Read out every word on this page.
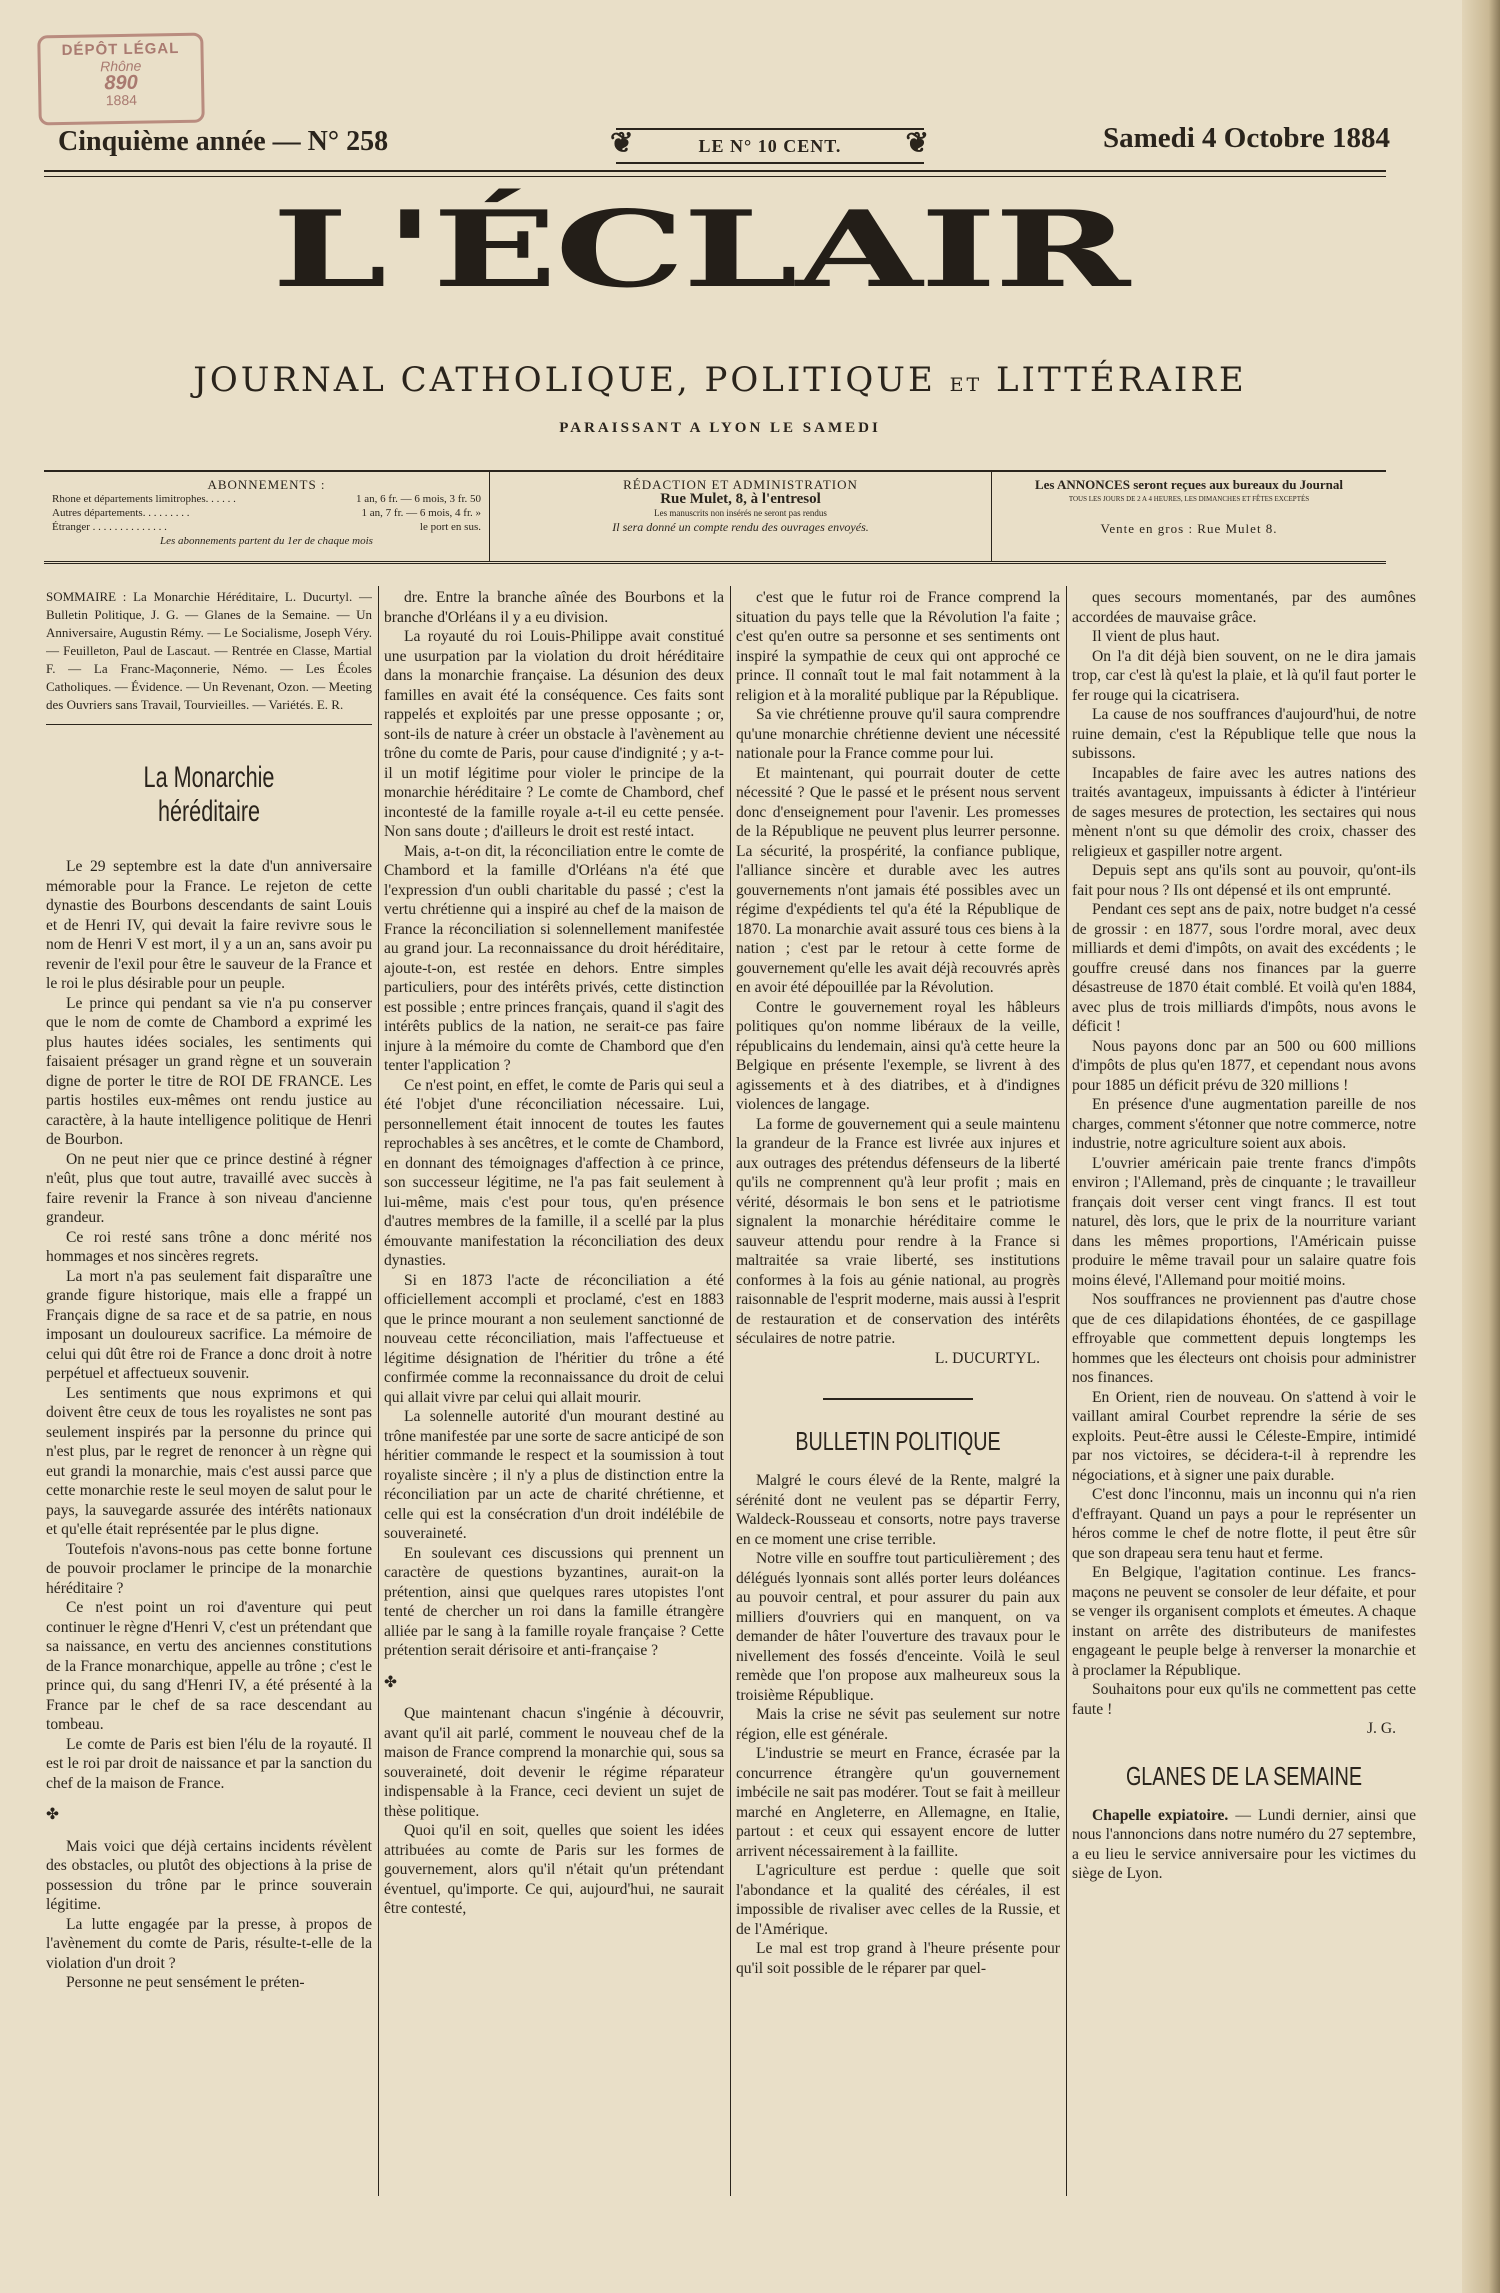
DÉPÔT LÉGAL
Rhône
890
1884
Cinquième année — N° 258
❦	LE N° 10 CENT. ❦	Samedi 4 Octobre 1884
L'ÉCLAIR
JOURNAL CATHOLIQUE, POLITIQUE ET LITTÉRAIRE
PARAISSANT A LYON LE SAMEDI
ABONNEMENTS :
Rhone et départements limitrophes. . . . . .	1 an, 6 fr. — 6 mois, 3 fr. 50
Autres départements. . . . . . . . .	1 an, 7 fr. — 6 mois, 4 fr. »
Étranger . . . . . . . . . . . . . .	le port en sus.
Les abonnements partent du 1er de chaque mois
RÉDACTION ET ADMINISTRATION
Rue Mulet, 8, à l'entresol
Les manuscrits non insérés ne seront pas rendus
Il sera donné un compte rendu des ouvrages envoyés.
Les ANNONCES seront reçues aux bureaux du Journal
TOUS LES JOURS DE 2 A 4 HEURES, LES DIMANCHES ET FÊTES EXCEPTÉS
Vente en gros : Rue Mulet 8.
SOMMAIRE : La Monarchie Héréditaire, L. Ducurtyl. — Bulletin Politique, J. G. — Glanes de la Semaine. — Un Anniversaire, Augustin Rémy. — Le Socialisme, Joseph Véry. — Feuilleton, Paul de Lascaut. — Rentrée en Classe, Martial F. — La Franc-Maçonnerie, Némo. — Les Écoles Catholiques. — Évidence. — Un Revenant, Ozon. — Meeting des Ouvriers sans Travail, Tourvieilles. — Variétés. E. R.
La Monarchie héréditaire

Le 29 septembre est la date d'un anniversaire mémorable pour la France. Le rejeton de cette dynastie des Bourbons descendants de saint Louis et de Henri IV, qui devait la faire revivre sous le nom de Henri V est mort, il y a un an, sans avoir pu revenir de l'exil pour être le sauveur de la France et le roi le plus désirable pour un peuple.

Le prince qui pendant sa vie n'a pu conserver que le nom de comte de Chambord a exprimé les plus hautes idées sociales, les sentiments qui faisaient présager un grand règne et un souverain digne de porter le titre de ROI DE FRANCE. Les partis hostiles eux-mêmes ont rendu justice au caractère, à la haute intelligence politique de Henri de Bourbon.

On ne peut nier que ce prince destiné à régner n'eût, plus que tout autre, travaillé avec succès à faire revenir la France à son niveau d'ancienne grandeur.

Ce roi resté sans trône a donc mérité nos hommages et nos sincères regrets.

La mort n'a pas seulement fait disparaître une grande figure historique, mais elle a frappé un Français digne de sa race et de sa patrie, en nous imposant un douloureux sacrifice. La mémoire de celui qui dût être roi de France a donc droit à notre perpétuel et affectueux souvenir.

Les sentiments que nous exprimons et qui doivent être ceux de tous les royalistes ne sont pas seulement inspirés par la personne du prince qui n'est plus, par le regret de renoncer à un règne qui eut grandi la monarchie, mais c'est aussi parce que cette monarchie reste le seul moyen de salut pour le pays, la sauvegarde assurée des intérêts nationaux et qu'elle était représentée par le plus digne.

Toutefois n'avons-nous pas cette bonne fortune de pouvoir proclamer le principe de la monarchie héréditaire ?

Ce n'est point un roi d'aventure qui peut continuer le règne d'Henri V, c'est un prétendant que sa naissance, en vertu des anciennes constitutions de la France monarchique, appelle au trône ; c'est le prince qui, du sang d'Henri IV, a été présenté à la France par le chef de sa race descendant au tombeau.

Le comte de Paris est bien l'élu de la royauté. Il est le roi par droit de naissance et par la sanction du chef de la maison de France.

✤

Mais voici que déjà certains incidents révèlent des obstacles, ou plutôt des objections à la prise de possession du trône par le prince souverain légitime.

La lutte engagée par la presse, à propos de l'avènement du comte de Paris, résulte-t-elle de la violation d'un droit ?

Personne ne peut sensément le préten-

dre. Entre la branche aînée des Bourbons et la branche d'Orléans il y a eu division.

La royauté du roi Louis-Philippe avait constitué une usurpation par la violation du droit héréditaire dans la monarchie française. La désunion des deux familles en avait été la conséquence. Ces faits sont rappelés et exploités par une presse opposante ; or, sont-ils de nature à créer un obstacle à l'avènement au trône du comte de Paris, pour cause d'indignité ; y a-t-il un motif légitime pour violer le principe de la monarchie héréditaire ? Le comte de Chambord, chef incontesté de la famille royale a-t-il eu cette pensée. Non sans doute ; d'ailleurs le droit est resté intact.

Mais, a-t-on dit, la réconciliation entre le comte de Chambord et la famille d'Orléans n'a été que l'expression d'un oubli charitable du passé ; c'est la vertu chrétienne qui a inspiré au chef de la maison de France la réconciliation si solennellement manifestée au grand jour. La reconnaissance du droit héréditaire, ajoute-t-on, est restée en dehors. Entre simples particuliers, pour des intérêts privés, cette distinction est possible ; entre princes français, quand il s'agit des intérêts publics de la nation, ne serait-ce pas faire injure à la mémoire du comte de Chambord que d'en tenter l'application ?

Ce n'est point, en effet, le comte de Paris qui seul a été l'objet d'une réconciliation nécessaire. Lui, personnellement était innocent de toutes les fautes reprochables à ses ancêtres, et le comte de Chambord, en donnant des témoignages d'affection à ce prince, son successeur légitime, ne l'a pas fait seulement à lui-même, mais c'est pour tous, qu'en présence d'autres membres de la famille, il a scellé par la plus émouvante manifestation la réconciliation des deux dynasties.

Si en 1873 l'acte de réconciliation a été officiellement accompli et proclamé, c'est en 1883 que le prince mourant a non seulement sanctionné de nouveau cette réconciliation, mais l'affectueuse et légitime désignation de l'héritier du trône a été confirmée comme la reconnaissance du droit de celui qui allait vivre par celui qui allait mourir.

La solennelle autorité d'un mourant destiné au trône manifestée par une sorte de sacre anticipé de son héritier commande le respect et la soumission à tout royaliste sincère ; il n'y a plus de distinction entre la réconciliation par un acte de charité chrétienne, et celle qui est la consécration d'un droit indélébile de souveraineté.

En soulevant ces discussions qui prennent un caractère de questions byzantines, aurait-on la prétention, ainsi que quelques rares utopistes l'ont tenté de chercher un roi dans la famille étrangère alliée par le sang à la famille royale française ? Cette prétention serait dérisoire et anti-française ?

✤

Que maintenant chacun s'ingénie à découvrir, avant qu'il ait parlé, comment le nouveau chef de la maison de France comprend la monarchie qui, sous sa souveraineté, doit devenir le régime réparateur indispensable à la France, ceci devient un sujet de thèse politique.

Quoi qu'il en soit, quelles que soient les idées attribuées au comte de Paris sur les formes de gouvernement, alors qu'il n'était qu'un prétendant éventuel, qu'importe. Ce qui, aujourd'hui, ne saurait être contesté,

c'est que le futur roi de France comprend la situation du pays telle que la Révolution l'a faite ; c'est qu'en outre sa personne et ses sentiments ont inspiré la sympathie de ceux qui ont approché ce prince. Il connaît tout le mal fait notamment à la religion et à la moralité publique par la République.

Sa vie chrétienne prouve qu'il saura comprendre qu'une monarchie chrétienne devient une nécessité nationale pour la France comme pour lui.

Et maintenant, qui pourrait douter de cette nécessité ? Que le passé et le présent nous servent donc d'enseignement pour l'avenir. Les promesses de la République ne peuvent plus leurrer personne. La sécurité, la prospérité, la confiance publique, l'alliance sincère et durable avec les autres gouvernements n'ont jamais été possibles avec un régime d'expédients tel qu'a été la République de 1870. La monarchie avait assuré tous ces biens à la nation ; c'est par le retour à cette forme de gouvernement qu'elle les avait déjà recouvrés après en avoir été dépouillée par la Révolution.

Contre le gouvernement royal les hâbleurs politiques qu'on nomme libéraux de la veille, républicains du lendemain, ainsi qu'à cette heure la Belgique en présente l'exemple, se livrent à des agissements et à des diatribes, et à d'indignes violences de langage.

La forme de gouvernement qui a seule maintenu la grandeur de la France est livrée aux injures et aux outrages des prétendus défenseurs de la liberté qu'ils ne comprennent qu'à leur profit ; mais en vérité, désormais le bon sens et le patriotisme signalent la monarchie héréditaire comme le sauveur attendu pour rendre à la France si maltraitée sa vraie liberté, ses institutions conformes à la fois au génie national, au progrès raisonnable de l'esprit moderne, mais aussi à l'esprit de restauration et de conservation des intérêts séculaires de notre patrie.

L. DUCURTYL.

BULLETIN POLITIQUE

Malgré le cours élevé de la Rente, malgré la sérénité dont ne veulent pas se départir Ferry, Waldeck-Rousseau et consorts, notre pays traverse en ce moment une crise terrible.

Notre ville en souffre tout particulièrement ; des délégués lyonnais sont allés porter leurs doléances au pouvoir central, et pour assurer du pain aux milliers d'ouvriers qui en manquent, on va demander de hâter l'ouverture des travaux pour le nivellement des fossés d'enceinte. Voilà le seul remède que l'on propose aux malheureux sous la troisième République.

Mais la crise ne sévit pas seulement sur notre région, elle est générale.

L'industrie se meurt en France, écrasée par la concurrence étrangère qu'un gouvernement imbécile ne sait pas modérer. Tout se fait à meilleur marché en Angleterre, en Allemagne, en Italie, partout : et ceux qui essayent encore de lutter arrivent nécessairement à la faillite.

L'agriculture est perdue : quelle que soit l'abondance et la qualité des céréales, il est impossible de rivaliser avec celles de la Russie, et de l'Amérique.

Le mal est trop grand à l'heure présente pour qu'il soit possible de le réparer par quel-

ques secours momentanés, par des aumônes accordées de mauvaise grâce.

Il vient de plus haut.

On l'a dit déjà bien souvent, on ne le dira jamais trop, car c'est là qu'est la plaie, et là qu'il faut porter le fer rouge qui la cicatrisera.

La cause de nos souffrances d'aujourd'hui, de notre ruine demain, c'est la République telle que nous la subissons.

Incapables de faire avec les autres nations des traités avantageux, impuissants à édicter à l'intérieur de sages mesures de protection, les sectaires qui nous mènent n'ont su que démolir des croix, chasser des religieux et gaspiller notre argent.

Depuis sept ans qu'ils sont au pouvoir, qu'ont-ils fait pour nous ? Ils ont dépensé et ils ont emprunté.

Pendant ces sept ans de paix, notre budget n'a cessé de grossir : en 1877, sous l'ordre moral, avec deux milliards et demi d'impôts, on avait des excédents ; le gouffre creusé dans nos finances par la guerre désastreuse de 1870 était comblé. Et voilà qu'en 1884, avec plus de trois milliards d'impôts, nous avons le déficit !

Nous payons donc par an 500 ou 600 millions d'impôts de plus qu'en 1877, et cependant nous avons pour 1885 un déficit prévu de 320 millions !

En présence d'une augmentation pareille de nos charges, comment s'étonner que notre commerce, notre industrie, notre agriculture soient aux abois.

L'ouvrier américain paie trente francs d'impôts environ ; l'Allemand, près de cinquante ; le travailleur français doit verser cent vingt francs. Il est tout naturel, dès lors, que le prix de la nourriture variant dans les mêmes proportions, l'Américain puisse produire le même travail pour un salaire quatre fois moins élevé, l'Allemand pour moitié moins.

Nos souffrances ne proviennent pas d'autre chose que de ces dilapidations éhontées, de ce gaspillage effroyable que commettent depuis longtemps les hommes que les électeurs ont choisis pour administrer nos finances.

En Orient, rien de nouveau. On s'attend à voir le vaillant amiral Courbet reprendre la série de ses exploits. Peut-être aussi le Céleste-Empire, intimidé par nos victoires, se décidera-t-il à reprendre les négociations, et à signer une paix durable.

C'est donc l'inconnu, mais un inconnu qui n'a rien d'effrayant. Quand un pays a pour le représenter un héros comme le chef de notre flotte, il peut être sûr que son drapeau sera tenu haut et ferme.

En Belgique, l'agitation continue. Les francs-maçons ne peuvent se consoler de leur défaite, et pour se venger ils organisent complots et émeutes. A chaque instant on arrête des distributeurs de manifestes engageant le peuple belge à renverser la monarchie et à proclamer la République.

Souhaitons pour eux qu'ils ne commettent pas cette faute !

J. G.

GLANES DE LA SEMAINE

Chapelle expiatoire. — Lundi dernier, ainsi que nous l'annoncions dans notre numéro du 27 septembre, a eu lieu le service anniversaire pour les victimes du siège de Lyon.
